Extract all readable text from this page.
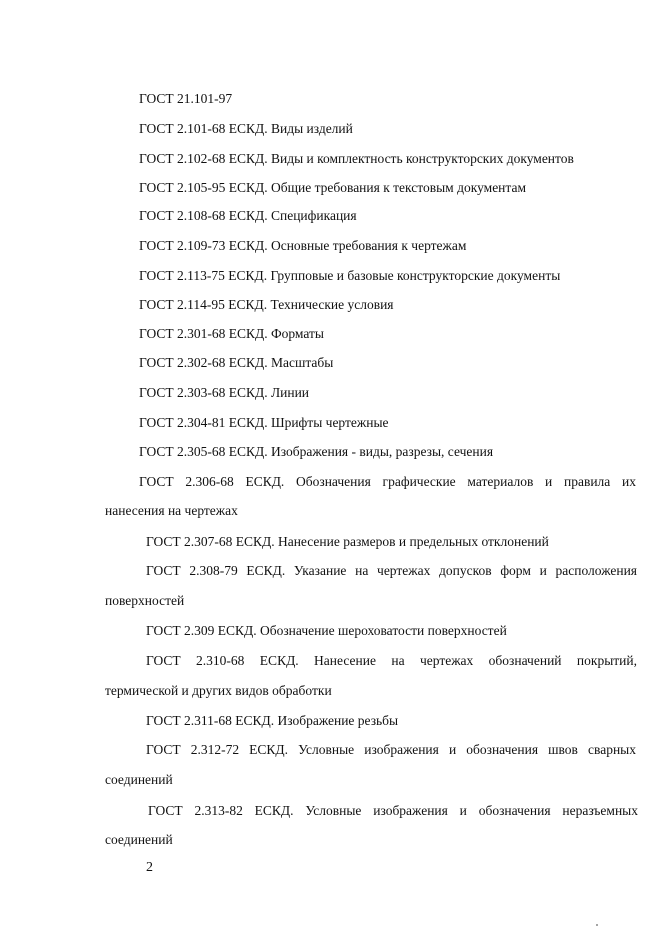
ГОСТ 21.101-97
ГОСТ 2.101-68 ЕСКД. Виды изделий
ГОСТ 2.102-68 ЕСКД. Виды и комплектность конструкторских документов
ГОСТ 2.105-95 ЕСКД. Общие требования к текстовым документам
ГОСТ 2.108-68 ЕСКД. Спецификация
ГОСТ 2.109-73 ЕСКД. Основные требования к чертежам
ГОСТ 2.113-75 ЕСКД. Групповые и базовые конструкторские документы
ГОСТ 2.114-95 ЕСКД. Технические условия
ГОСТ 2.301-68 ЕСКД. Форматы
ГОСТ 2.302-68 ЕСКД. Масштабы
ГОСТ 2.303-68 ЕСКД. Линии
ГОСТ 2.304-81 ЕСКД. Шрифты чертежные
ГОСТ 2.305-68 ЕСКД. Изображения - виды, разрезы, сечения
ГОСТ 2.306-68 ЕСКД. Обозначения графические материалов и правила их
нанесения на чертежах
ГОСТ 2.307-68 ЕСКД. Нанесение размеров и предельных отклонений
ГОСТ 2.308-79 ЕСКД. Указание на чертежах допусков форм и расположения
поверхностей
ГОСТ 2.309 ЕСКД. Обозначение шероховатости поверхностей
ГОСТ 2.310-68 ЕСКД. Нанесение на чертежах обозначений покрытий,
термической и других видов обработки
ГОСТ 2.311-68 ЕСКД. Изображение резьбы
ГОСТ 2.312-72 ЕСКД. Условные изображения и обозначения швов сварных
соединений
ГОСТ 2.313-82 ЕСКД. Условные изображения и обозначения неразъемных
соединений
2
